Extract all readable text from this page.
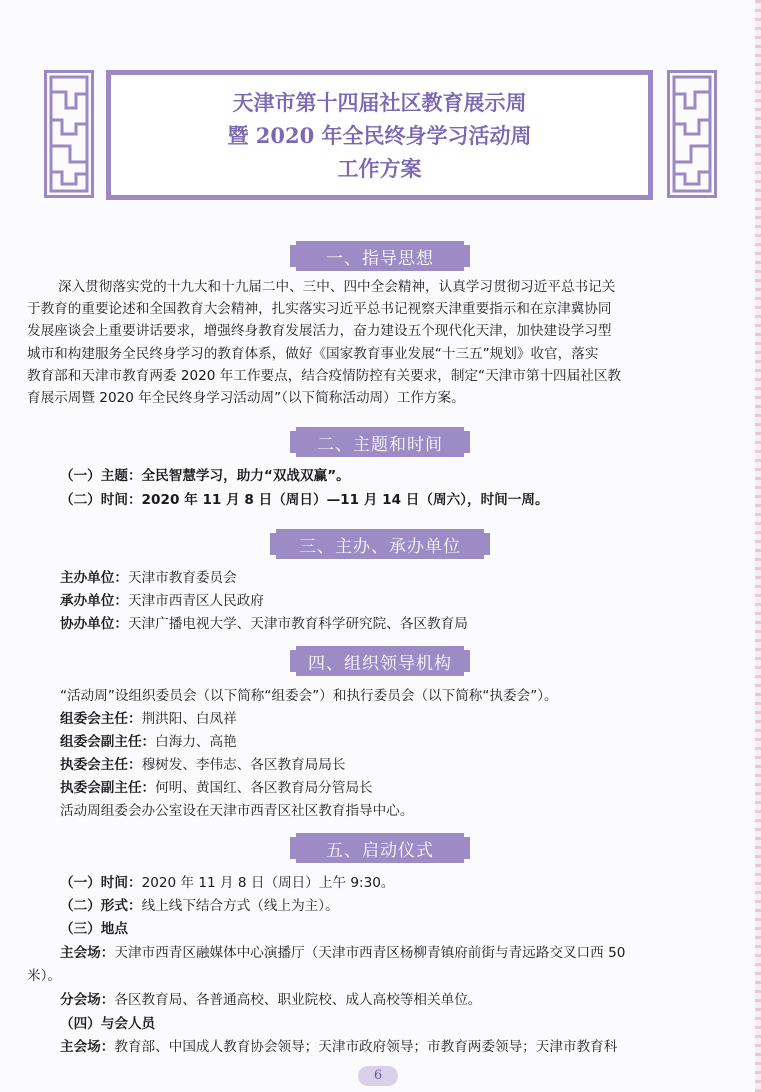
天津市第十四届社区教育展示周
暨 2020 年全民终身学习活动周
工作方案
一、指导思想
深入贯彻落实党的十九大和十九届二中、三中、四中全会精神，认真学习贯彻习近平总书记关
于教育的重要论述和全国教育大会精神，扎实落实习近平总书记视察天津重要指示和在京津冀协同
发展座谈会上重要讲话要求，增强终身教育发展活力，奋力建设五个现代化天津，加快建设学习型
城市和构建服务全民终身学习的教育体系，做好《国家教育事业发展“十三五”规划》收官，落实
教育部和天津市教育两委 2020 年工作要点，结合疫情防控有关要求，制定“天津市第十四届社区教
育展示周暨 2020 年全民终身学习活动周”（以下简称活动周）工作方案。
二、主题和时间
（一）主题：全民智慧学习，助力“双战双赢”。
（二）时间：2020 年 11 月 8 日（周日）—11 月 14 日（周六），时间一周。
三、主办、承办单位
主办单位：天津市教育委员会
承办单位：天津市西青区人民政府
协办单位：天津广播电视大学、天津市教育科学研究院、各区教育局
四、组织领导机构
“活动周”设组织委员会（以下简称“组委会”）和执行委员会（以下简称“执委会”）。
组委会主任：荆洪阳、白凤祥
组委会副主任：白海力、高艳
执委会主任：穆树发、李伟志、各区教育局局长
执委会副主任：何明、黄国红、各区教育局分管局长
活动周组委会办公室设在天津市西青区社区教育指导中心。
五、启动仪式
（一）时间：2020 年 11 月 8 日（周日）上午 9:30。
（二）形式：线上线下结合方式（线上为主）。
（三）地点
主会场：天津市西青区融媒体中心演播厅（天津市西青区杨柳青镇府前街与青远路交叉口西 50
米）。
分会场：各区教育局、各普通高校、职业院校、成人高校等相关单位。
（四）与会人员
主会场：教育部、中国成人教育协会领导；天津市政府领导；市教育两委领导；天津市教育科
6
